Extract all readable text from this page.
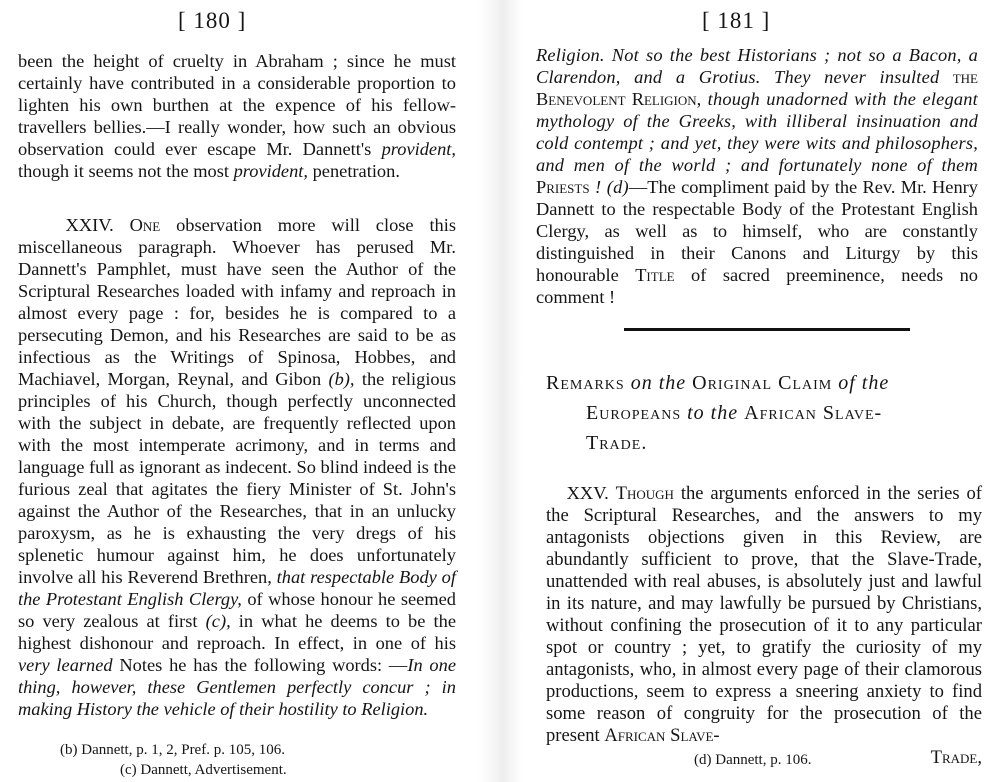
[ 180 ]
been the height of cruelty in Abraham ; since he must certainly have contributed in a considerable proportion to lighten his own burthen at the expence of his fellow-travellers bellies.—I really wonder, how such an obvious observation could ever escape Mr. Dannett's provident, though it seems not the most provident, penetration.
XXIV. One observation more will close this miscellaneous paragraph. Whoever has perused Mr. Dannett's Pamphlet, must have seen the Author of the Scriptural Researches loaded with infamy and reproach in almost every page : for, besides he is compared to a persecuting Demon, and his Researches are said to be as infectious as the Writings of Spinosa, Hobbes, and Machiavel, Morgan, Reynal, and Gibon (b), the religious principles of his Church, though perfectly unconnected with the subject in debate, are frequently reflected upon with the most intemperate acrimony, and in terms and language full as ignorant as indecent. So blind indeed is the furious zeal that agitates the fiery Minister of St. John's against the Author of the Researches, that in an unlucky paroxysm, as he is exhausting the very dregs of his splenetic humour against him, he does unfortunately involve all his Reverend Brethren, that respectable Body of the Protestant English Clergy, of whose honour he seemed so very zealous at first (c), in what he deems to be the highest dishonour and reproach. In effect, in one of his very learned Notes he has the following words: —In one thing, however, these Gentlemen perfectly concur ; in making History the vehicle of their hostility to Religion.
(b) Dannett, p. 1, 2, Pref. p. 105, 106.
(c) Dannett, Advertisement.
[ 181 ]
Religion. Not so the best Historians ; not so a Bacon, a Clarendon, and a Grotius. They never insulted the Benevolent Religion, though unadorned with the elegant mythology of the Greeks, with illiberal insinuation and cold contempt ; and yet, they were wits and philosophers, and men of the world ; and fortunately none of them Priests ! (d)—The compliment paid by the Rev. Mr. Henry Dannett to the respectable Body of the Protestant English Clergy, as well as to himself, who are constantly distinguished in their Canons and Liturgy by this honourable Title of sacred preeminence, needs no comment !
Remarks on the Original Claim of the
Europeans to the African Slave-
Trade.
XXV. Though the arguments enforced in the series of the Scriptural Researches, and the answers to my antagonists objections given in this Review, are abundantly sufficient to prove, that the Slave-Trade, unattended with real abuses, is absolutely just and lawful in its nature, and may lawfully be pursued by Christians, without confining the prosecution of it to any particular spot or country ; yet, to gratify the curiosity of my antagonists, who, in almost every page of their clamorous productions, seem to express a sneering anxiety to find some reason of congruity for the prosecution of the present African Slave-
Trade,
(d) Dannett, p. 106.
